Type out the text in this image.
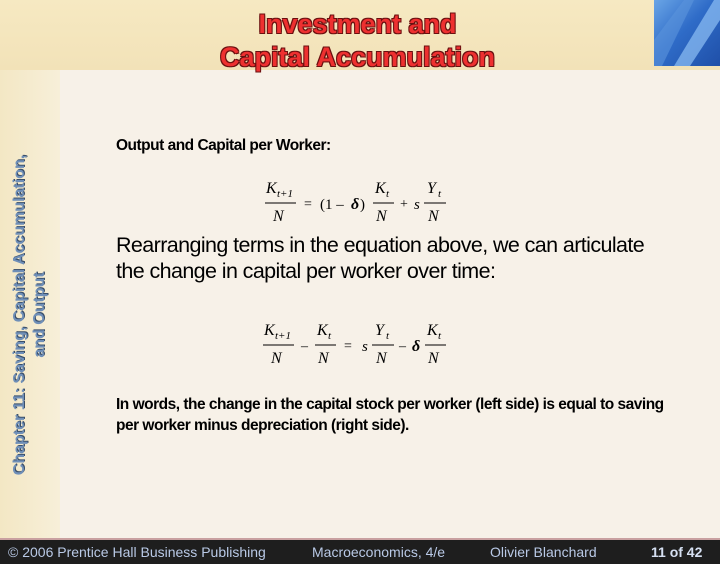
Investment and
Capital Accumulation
Chapter 11: Saving, Capital Accumulation, and Output
Output and Capital per Worker:
K t+1
N
= (1 – δ )
K t
N
+ s
Y t
N
Rearranging terms in the equation above, we can articulate the change in capital per worker over time:
K t+1
N
–
K t
N
= s
Y t
N
– δ
K t
N
In words, the change in the capital stock per worker (left side) is equal to saving per worker minus depreciation (right side).
© 2006 Prentice Hall Business Publishing	Macroeconomics, 4/e	Olivier Blanchard	11 of 42
